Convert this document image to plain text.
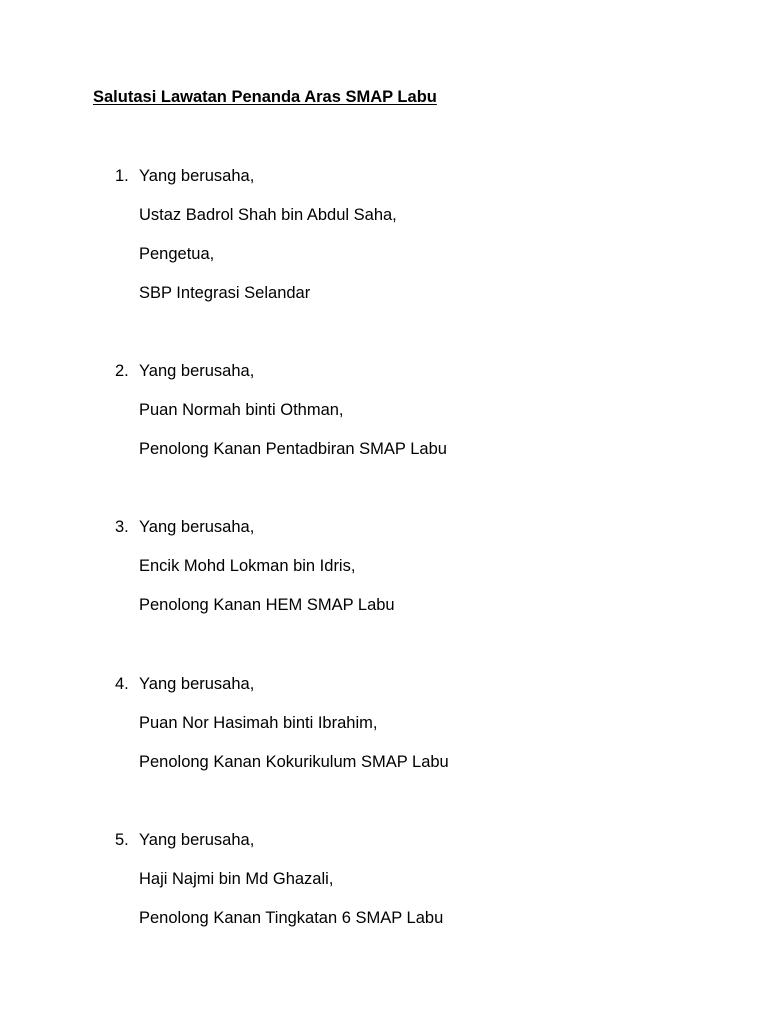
Salutasi Lawatan Penanda Aras SMAP Labu
1. Yang berusaha,
Ustaz Badrol Shah bin Abdul Saha,
Pengetua,
SBP Integrasi Selandar
2. Yang berusaha,
Puan Normah binti Othman,
Penolong Kanan Pentadbiran SMAP Labu
3. Yang berusaha,
Encik Mohd Lokman bin Idris,
Penolong Kanan HEM SMAP Labu
4. Yang berusaha,
Puan Nor Hasimah binti Ibrahim,
Penolong Kanan Kokurikulum SMAP Labu
5. Yang berusaha,
Haji Najmi bin Md Ghazali,
Penolong Kanan Tingkatan 6 SMAP Labu
